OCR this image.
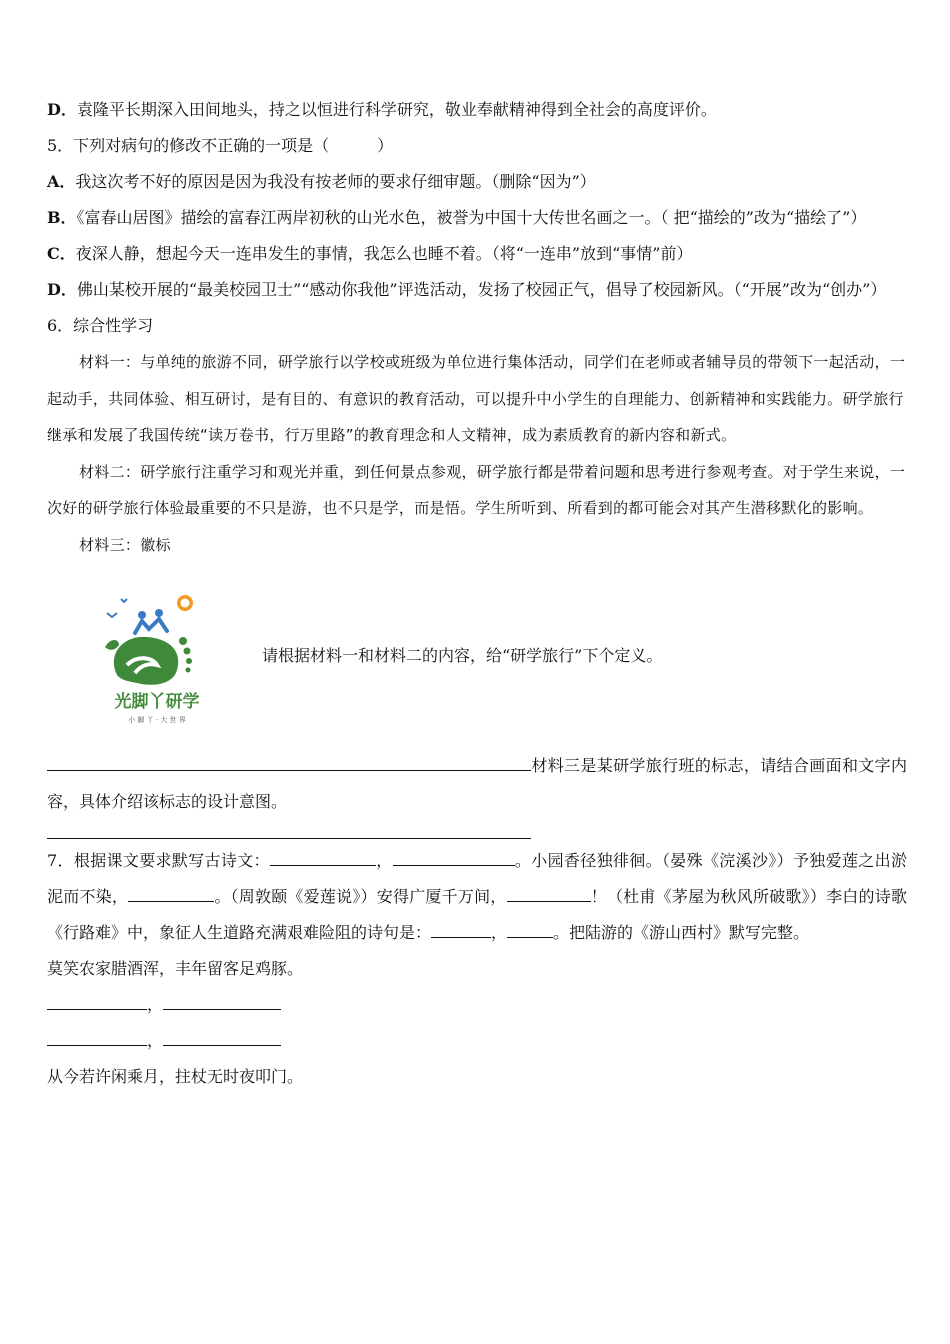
D．袁隆平长期深入田间地头，持之以恒进行科学研究，敬业奉献精神得到全社会的高度评价。

5．下列对病句的修改不正确的一项是（　　　）

A．我这次考不好的原因是因为我没有按老师的要求仔细审题。（删除“因为”）

B．《富春山居图》描绘的富春江两岸初秋的山光水色，被誉为中国十大传世名画之一。（ 把“描绘的”改为“描绘了”）

C．夜深人静，想起今天一连串发生的事情，我怎么也睡不着。（将“一连串”放到“事情”前）

D．佛山某校开展的“最美校园卫士”“感动你我他”评选活动，发扬了校园正气，倡导了校园新风。（“开展”改为“创办”）

6．综合性学习

材料一：与单纯的旅游不同，研学旅行以学校或班级为单位进行集体活动，同学们在老师或者辅导员的带领下一起活动，一起动手，共同体验、相互研讨，是有目的、有意识的教育活动，可以提升中小学生的自理能力、创新精神和实践能力。研学旅行继承和发展了我国传统“读万卷书，行万里路”的教育理念和人文精神，成为素质教育的新内容和新式。

材料二：研学旅行注重学习和观光并重，到任何景点参观，研学旅行都是带着问题和思考进行参观考查。对于学生来说，一次好的研学旅行体验最重要的不只是游，也不只是学，而是悟。学生所听到、所看到的都可能会对其产生潜移默化的影响。

材料三：徽标

光脚丫研学
小 脚 丫 · 大 世 界
请根据材料一和材料二的内容，给“研学旅行”下个定义。

材料三是某研学旅行班的标志，请结合画面和文字内容，具体介绍该标志的设计意图。

7．根据课文要求默写古诗文：	，	。小园香径独徘徊。（晏殊《浣溪沙》）予独爱莲之出淤泥而不染，	。（周敦颐《爱莲说》）安得广厦千万间，	！（杜甫《茅屋为秋风所破歌》）李白的诗歌《行路难》中，象征人生道路充满艰难险阻的诗句是：	，	。把陆游的《游山西村》默写完整。

莫笑农家腊酒浑，丰年留客足鸡豚。

，

，

从今若许闲乘月，拄杖无时夜叩门。
